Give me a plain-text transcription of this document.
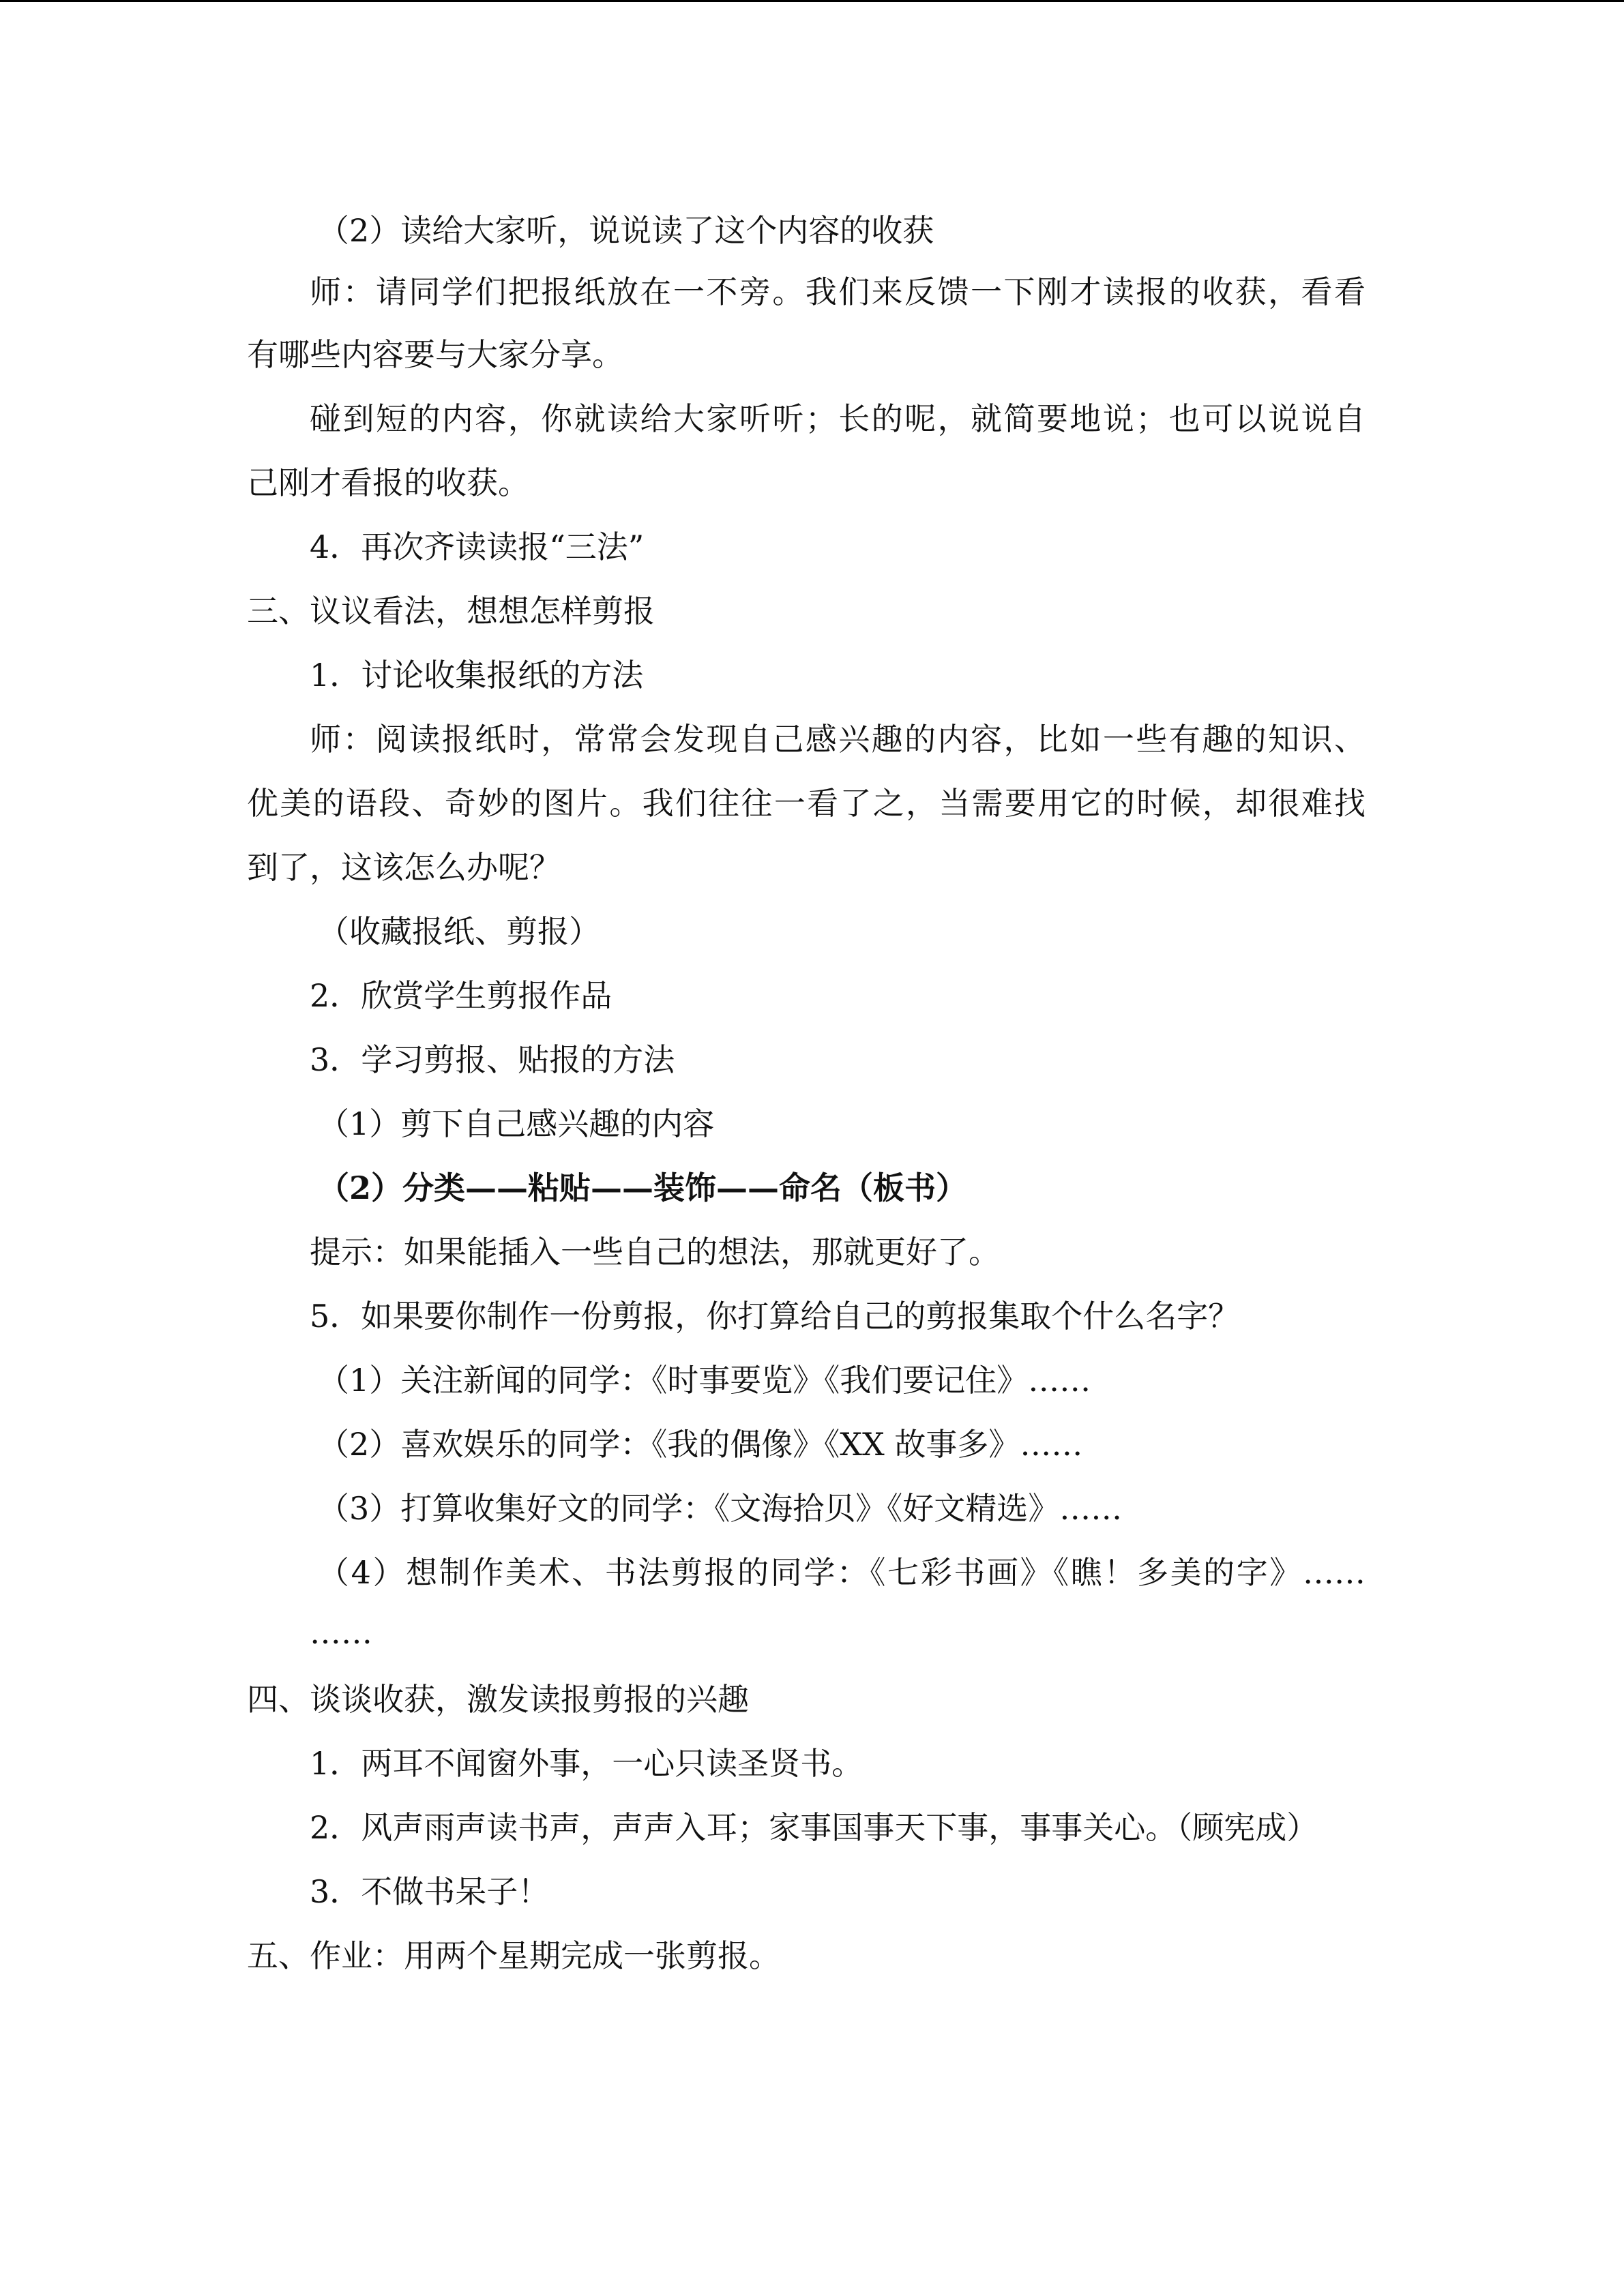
（2）读给大家听，说说读了这个内容的收获
师：请同学们把报纸放在一不旁。我们来反馈一下刚才读报的收获，看看
有哪些内容要与大家分享。
碰到短的内容，你就读给大家听听；长的呢，就简要地说；也可以说说自
己刚才看报的收获。
4．再次齐读读报“三法”
三、议议看法，想想怎样剪报
1．讨论收集报纸的方法
师：阅读报纸时，常常会发现自己感兴趣的内容，比如一些有趣的知识、
优美的语段、奇妙的图片。我们往往一看了之，当需要用它的时候，却很难找
到了，这该怎么办呢？
（收藏报纸、剪报）
2．欣赏学生剪报作品
3．学习剪报、贴报的方法
（1）剪下自己感兴趣的内容
（2）分类——粘贴——装饰——命名（板书）
提示：如果能插入一些自己的想法，那就更好了。
5．如果要你制作一份剪报，你打算给自己的剪报集取个什么名字？
（1）关注新闻的同学：《时事要览》《我们要记住》……
（2）喜欢娱乐的同学：《我的偶像》《XX 故事多》……
（3）打算收集好文的同学：《文海拾贝》《好文精选》……
（4）想制作美术、书法剪报的同学：《七彩书画》《瞧！多美的字》……
……
四、谈谈收获，激发读报剪报的兴趣
1．两耳不闻窗外事，一心只读圣贤书。
2．风声雨声读书声，声声入耳；家事国事天下事，事事关心。（顾宪成）
3．不做书呆子！
五、作业：用两个星期完成一张剪报。
